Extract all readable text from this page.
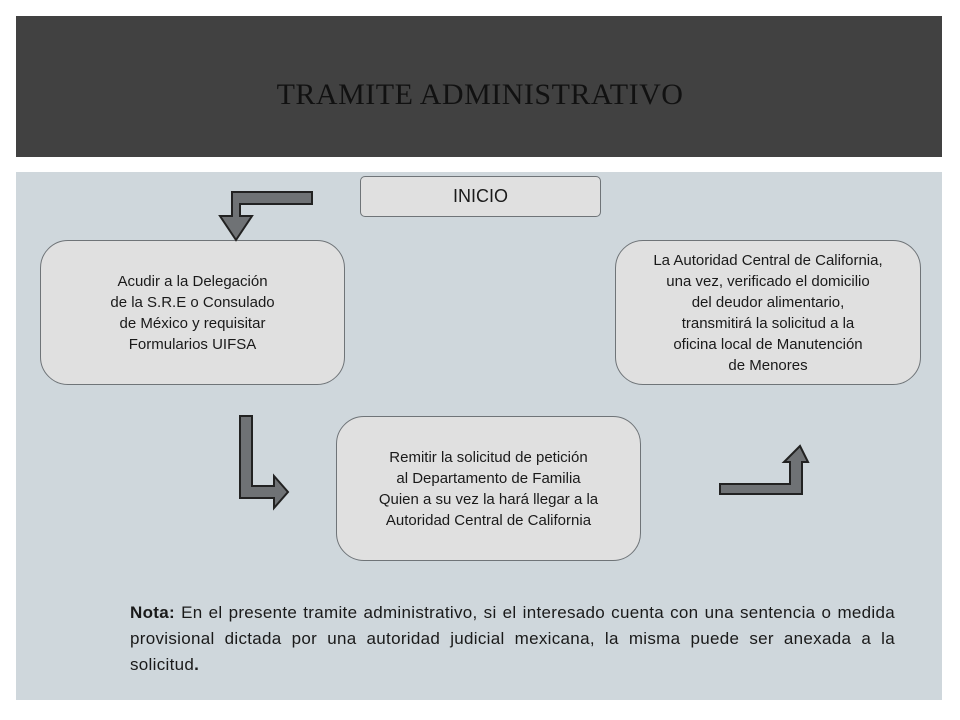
TRAMITE ADMINISTRATIVO
INICIO
Acudir a la Delegación
de la S.R.E o Consulado
de México y requisitar
Formularios UIFSA
Remitir la solicitud de petición
al Departamento de Familia
Quien a su vez la hará llegar a la
Autoridad Central de California
La Autoridad Central de California,
una vez, verificado el domicilio
del deudor alimentario,
transmitirá la solicitud a la
oficina local de Manutención
de Menores
Nota: En el presente tramite administrativo, si el interesado cuenta con una sentencia o medida provisional dictada por una autoridad judicial mexicana, la misma puede ser anexada a la solicitud.
